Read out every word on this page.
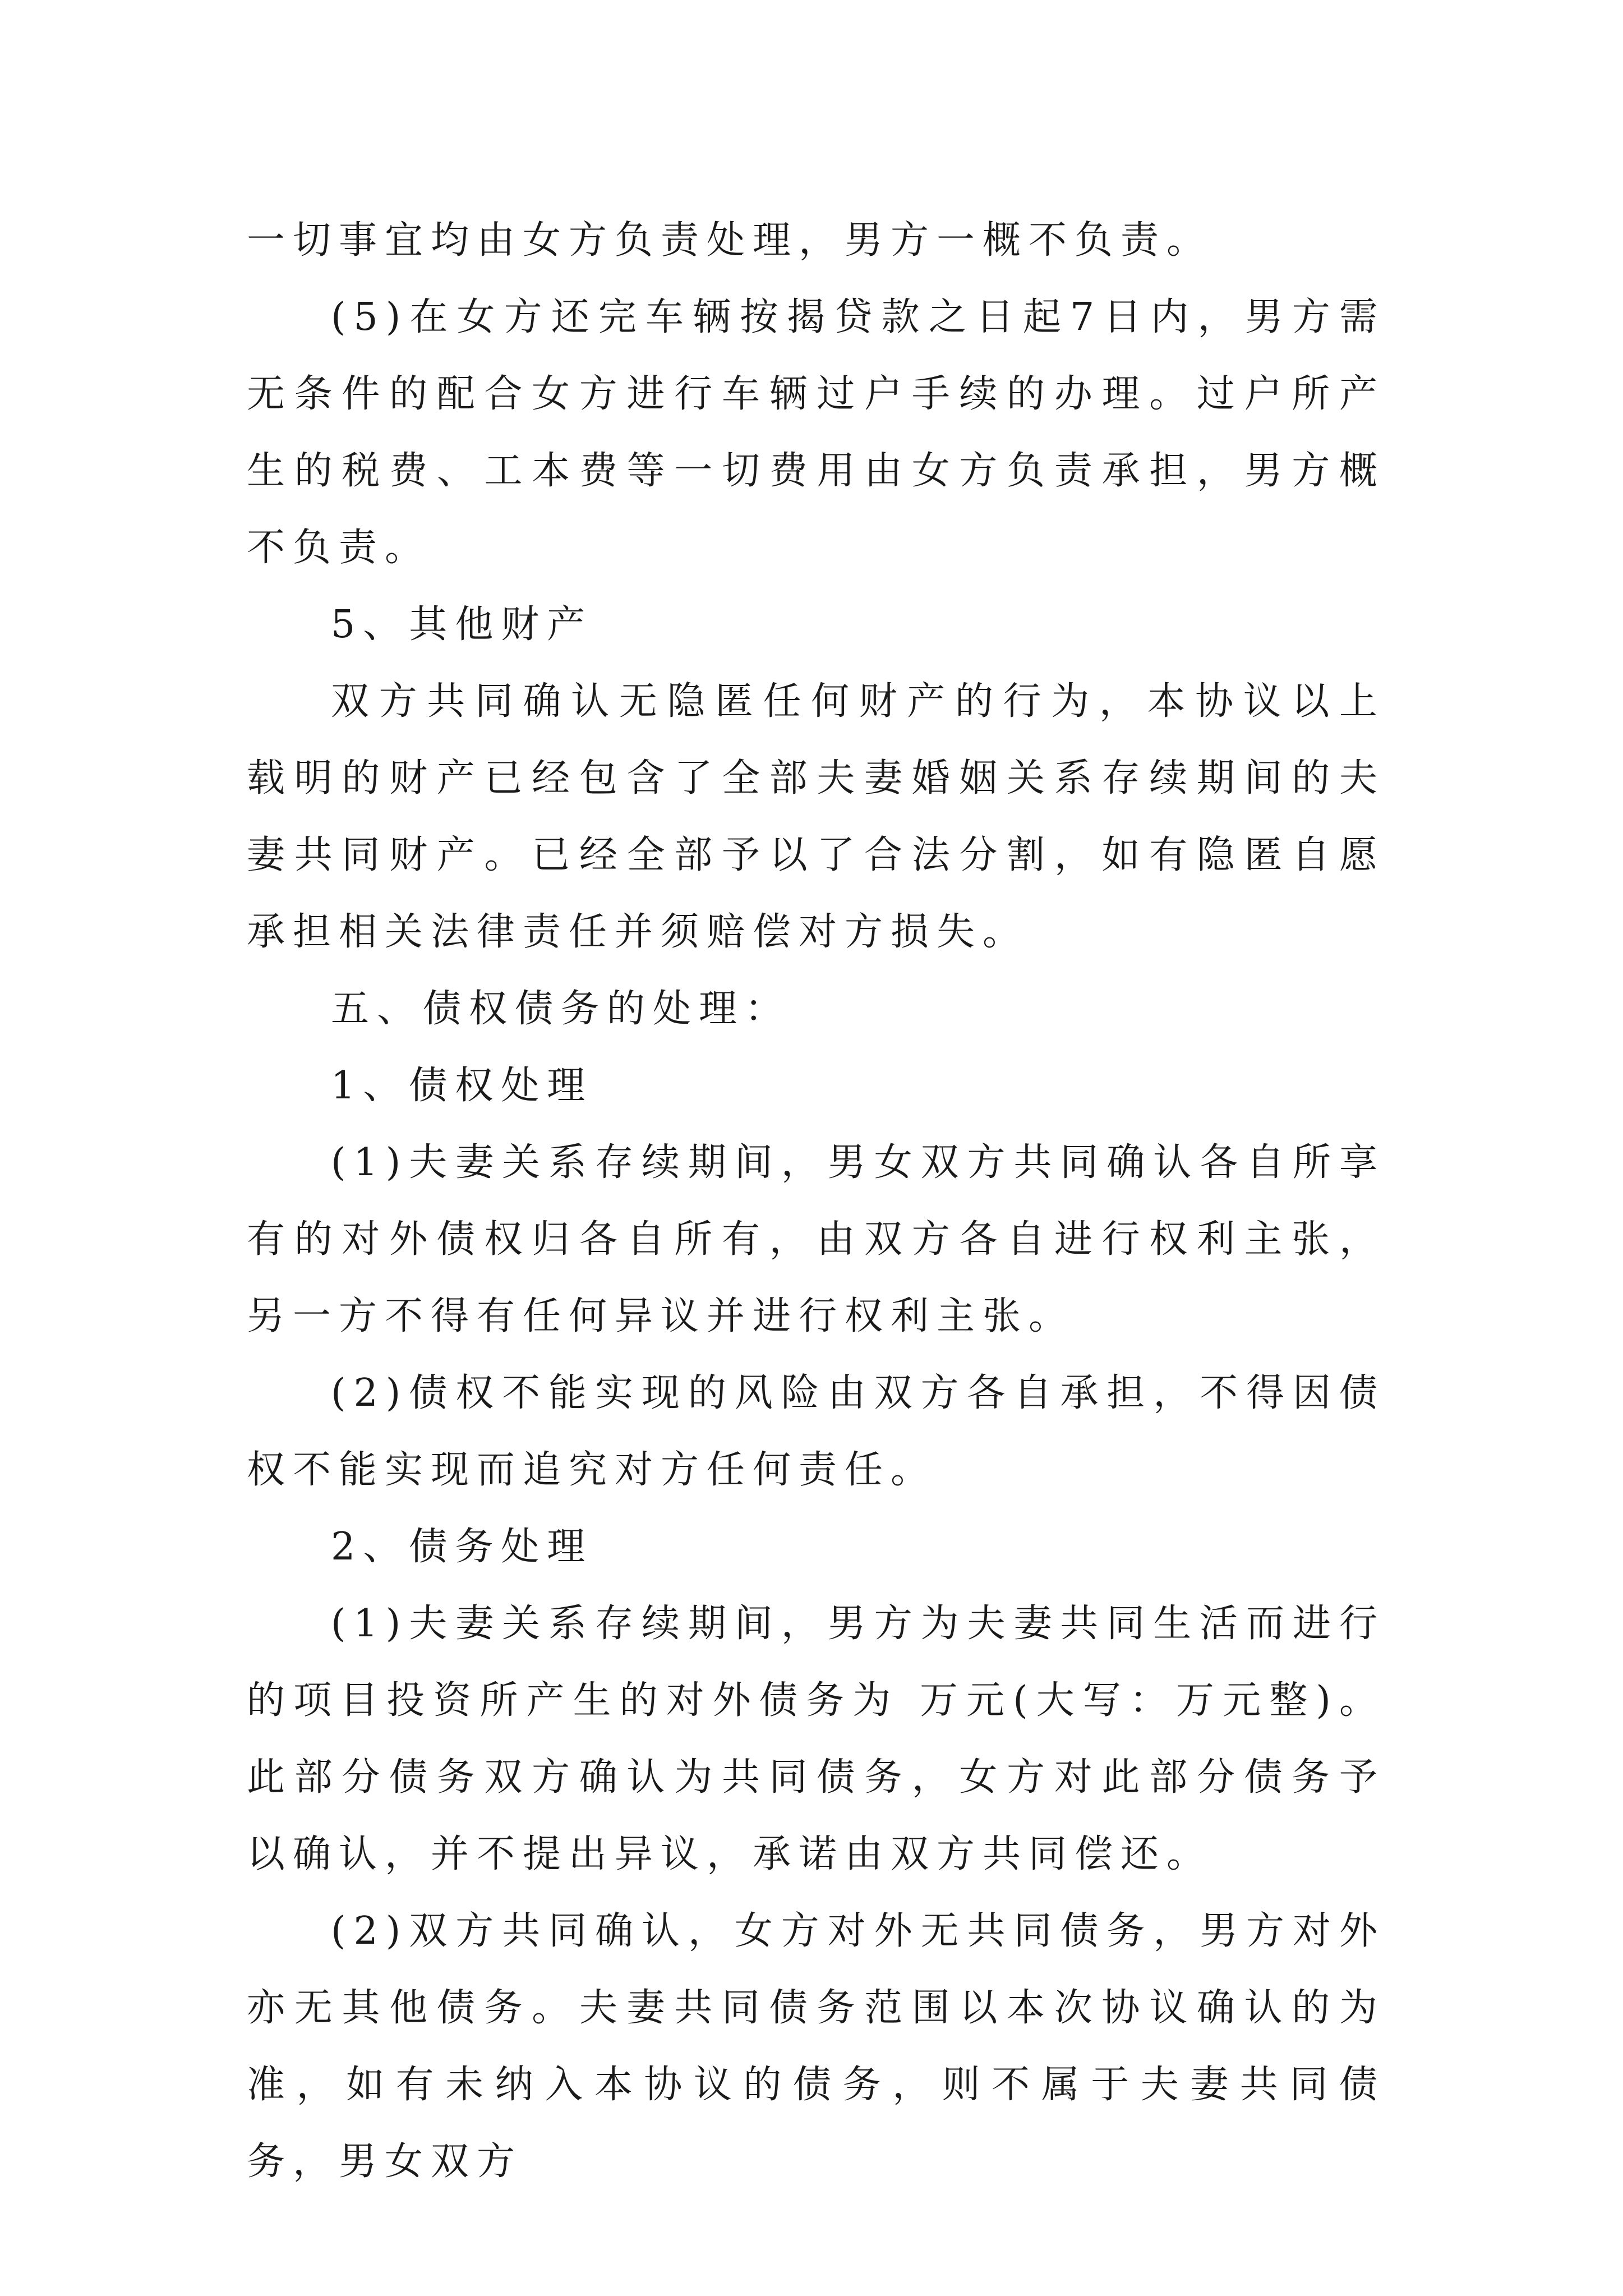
一切事宜均由女方负责处理，男方一概不负责。

(5)在女方还完车辆按揭贷款之日起7日内，男方需无条件的配合女方进行车辆过户手续的办理。过户所产生的税费、工本费等一切费用由女方负责承担，男方概不负责。

5、其他财产

双方共同确认无隐匿任何财产的行为，本协议以上载明的财产已经包含了全部夫妻婚姻关系存续期间的夫妻共同财产。已经全部予以了合法分割，如有隐匿自愿承担相关法律责任并须赔偿对方损失。

五、债权债务的处理：

1、债权处理

(1)夫妻关系存续期间，男女双方共同确认各自所享有的对外债权归各自所有，由双方各自进行权利主张，另一方不得有任何异议并进行权利主张。

(2)债权不能实现的风险由双方各自承担，不得因债权不能实现而追究对方任何责任。

2、债务处理

(1)夫妻关系存续期间，男方为夫妻共同生活而进行的项目投资所产生的对外债务为 万元(大写：万元整)。此部分债务双方确认为共同债务，女方对此部分债务予以确认，并不提出异议，承诺由双方共同偿还。

(2)双方共同确认，女方对外无共同债务，男方对外亦无其他债务。夫妻共同债务范围以本次协议确认的为准，如有未纳入本协议的债务，则不属于夫妻共同债务，男女双方
